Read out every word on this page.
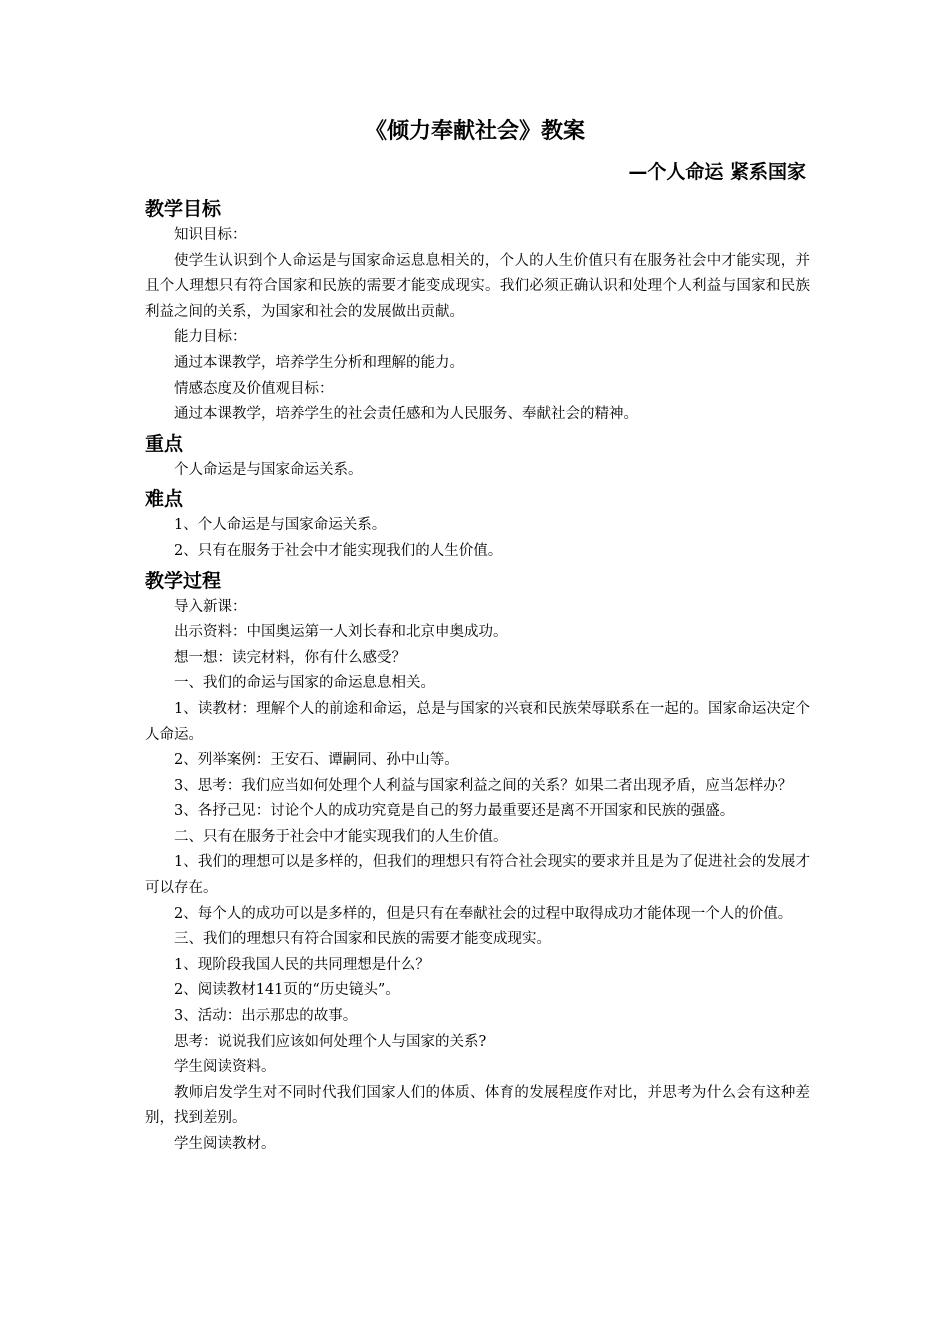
《倾力奉献社会》教案
—个人命运 紧系国家
教学目标

知识目标：

使学生认识到个人命运是与国家命运息息相关的，个人的人生价值只有在服务社会中才能实现，并且个人理想只有符合国家和民族的需要才能变成现实。我们必须正确认识和处理个人利益与国家和民族利益之间的关系，为国家和社会的发展做出贡献。

能力目标：

通过本课教学，培养学生分析和理解的能力。

情感态度及价值观目标：

通过本课教学，培养学生的社会责任感和为人民服务、奉献社会的精神。

重点

个人命运是与国家命运关系。

难点

1、个人命运是与国家命运关系。

2、只有在服务于社会中才能实现我们的人生价值。

教学过程

导入新课：

出示资料：中国奥运第一人刘长春和北京申奥成功。

想一想：读完材料，你有什么感受？

一、我们的命运与国家的命运息息相关。

1、读教材：理解个人的前途和命运，总是与国家的兴衰和民族荣辱联系在一起的。国家命运决定个人命运。

2、列举案例：王安石、谭嗣同、孙中山等。

3、思考：我们应当如何处理个人利益与国家利益之间的关系？如果二者出现矛盾，应当怎样办？

3、各抒己见：讨论个人的成功究竟是自己的努力最重要还是离不开国家和民族的强盛。

二、只有在服务于社会中才能实现我们的人生价值。

1、我们的理想可以是多样的，但我们的理想只有符合社会现实的要求并且是为了促进社会的发展才可以存在。

2、每个人的成功可以是多样的，但是只有在奉献社会的过程中取得成功才能体现一个人的价值。

三、我们的理想只有符合国家和民族的需要才能变成现实。

1、现阶段我国人民的共同理想是什么？

2、阅读教材141页的“历史镜头”。

3、活动：出示那忠的故事。

思考：说说我们应该如何处理个人与国家的关系?

学生阅读资料。

教师启发学生对不同时代我们国家人们的体质、体育的发展程度作对比，并思考为什么会有这种差别，找到差别。

学生阅读教材。
